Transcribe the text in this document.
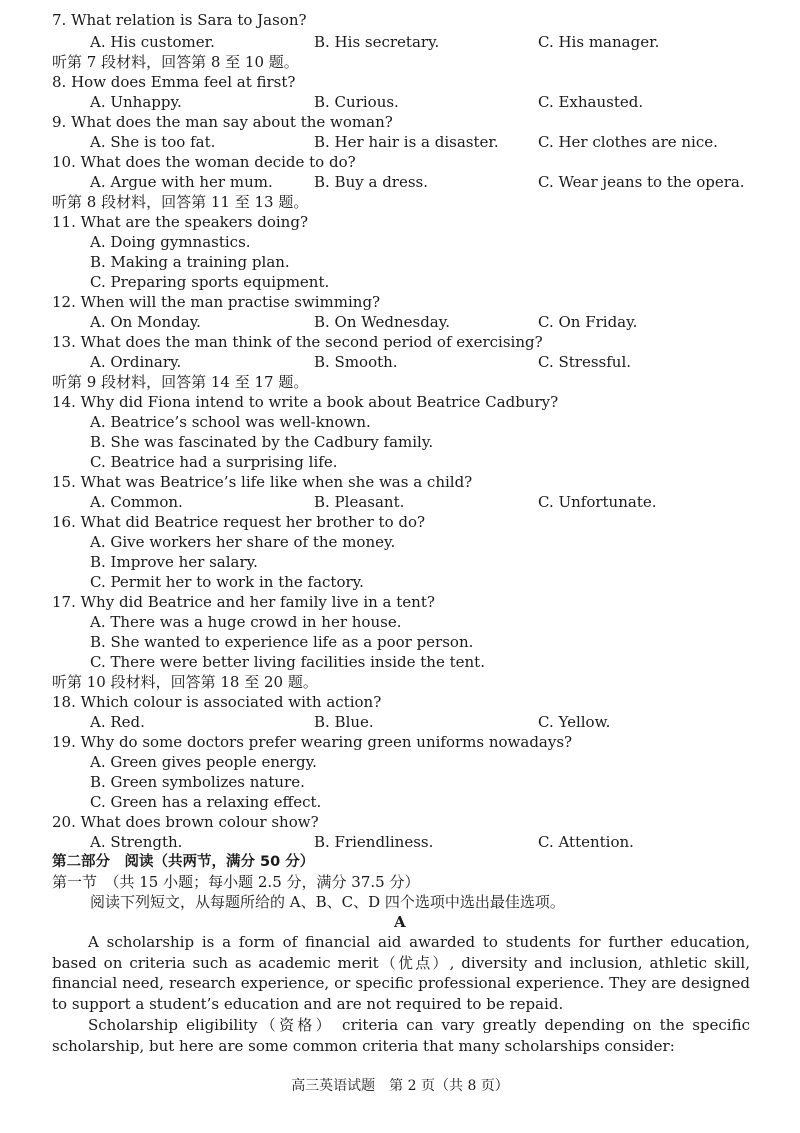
7. What relation is Sara to Jason?
A. His customer.	B. His secretary.	C. His manager.
听第 7 段材料，回答第 8 至 10 题。
8. How does Emma feel at first?
A. Unhappy.	B. Curious.	C. Exhausted.
9. What does the man say about the woman?
A. She is too fat.	B. Her hair is a disaster.	C. Her clothes are nice.
10. What does the woman decide to do?
A. Argue with her mum.	B. Buy a dress.	C. Wear jeans to the opera.
听第 8 段材料，回答第 11 至 13 题。
11. What are the speakers doing?
A. Doing gymnastics.
B. Making a training plan.
C. Preparing sports equipment.
12. When will the man practise swimming?
A. On Monday.	B. On Wednesday.	C. On Friday.
13. What does the man think of the second period of exercising?
A. Ordinary.	B. Smooth.	C. Stressful.
听第 9 段材料，回答第 14 至 17 题。
14. Why did Fiona intend to write a book about Beatrice Cadbury?
A. Beatrice’s school was well-known.
B. She was fascinated by the Cadbury family.
C. Beatrice had a surprising life.
15. What was Beatrice’s life like when she was a child?
A. Common.	B. Pleasant.	C. Unfortunate.
16. What did Beatrice request her brother to do?
A. Give workers her share of the money.
B. Improve her salary.
C. Permit her to work in the factory.
17. Why did Beatrice and her family live in a tent?
A. There was a huge crowd in her house.
B. She wanted to experience life as a poor person.
C. There were better living facilities inside the tent.
听第 10 段材料，回答第 18 至 20 题。
18. Which colour is associated with action?
A. Red.	B. Blue.	C. Yellow.
19. Why do some doctors prefer wearing green uniforms nowadays?
A. Green gives people energy.
B. Green symbolizes nature.
C. Green has a relaxing effect.
20. What does brown colour show?
A. Strength.	B. Friendliness.	C. Attention.
第二部分　阅读（共两节，满分 50 分）
第一节　（共 15 小题；每小题 2.5 分，满分 37.5 分）
阅读下列短文，从每题所给的 A、B、C、D 四个选项中选出最佳选项。
A

A scholarship is a form of financial aid awarded to students for further education, based on criteria such as academic merit（优点）, diversity and inclusion, athletic skill, financial need, research experience, or specific professional experience. They are designed to support a student’s education and are not required to be repaid.

Scholarship eligibility（资格） criteria can vary greatly depending on the specific scholarship, but here are some common criteria that many scholarships consider:

高三英语试题　第 2 页（共 8 页）
